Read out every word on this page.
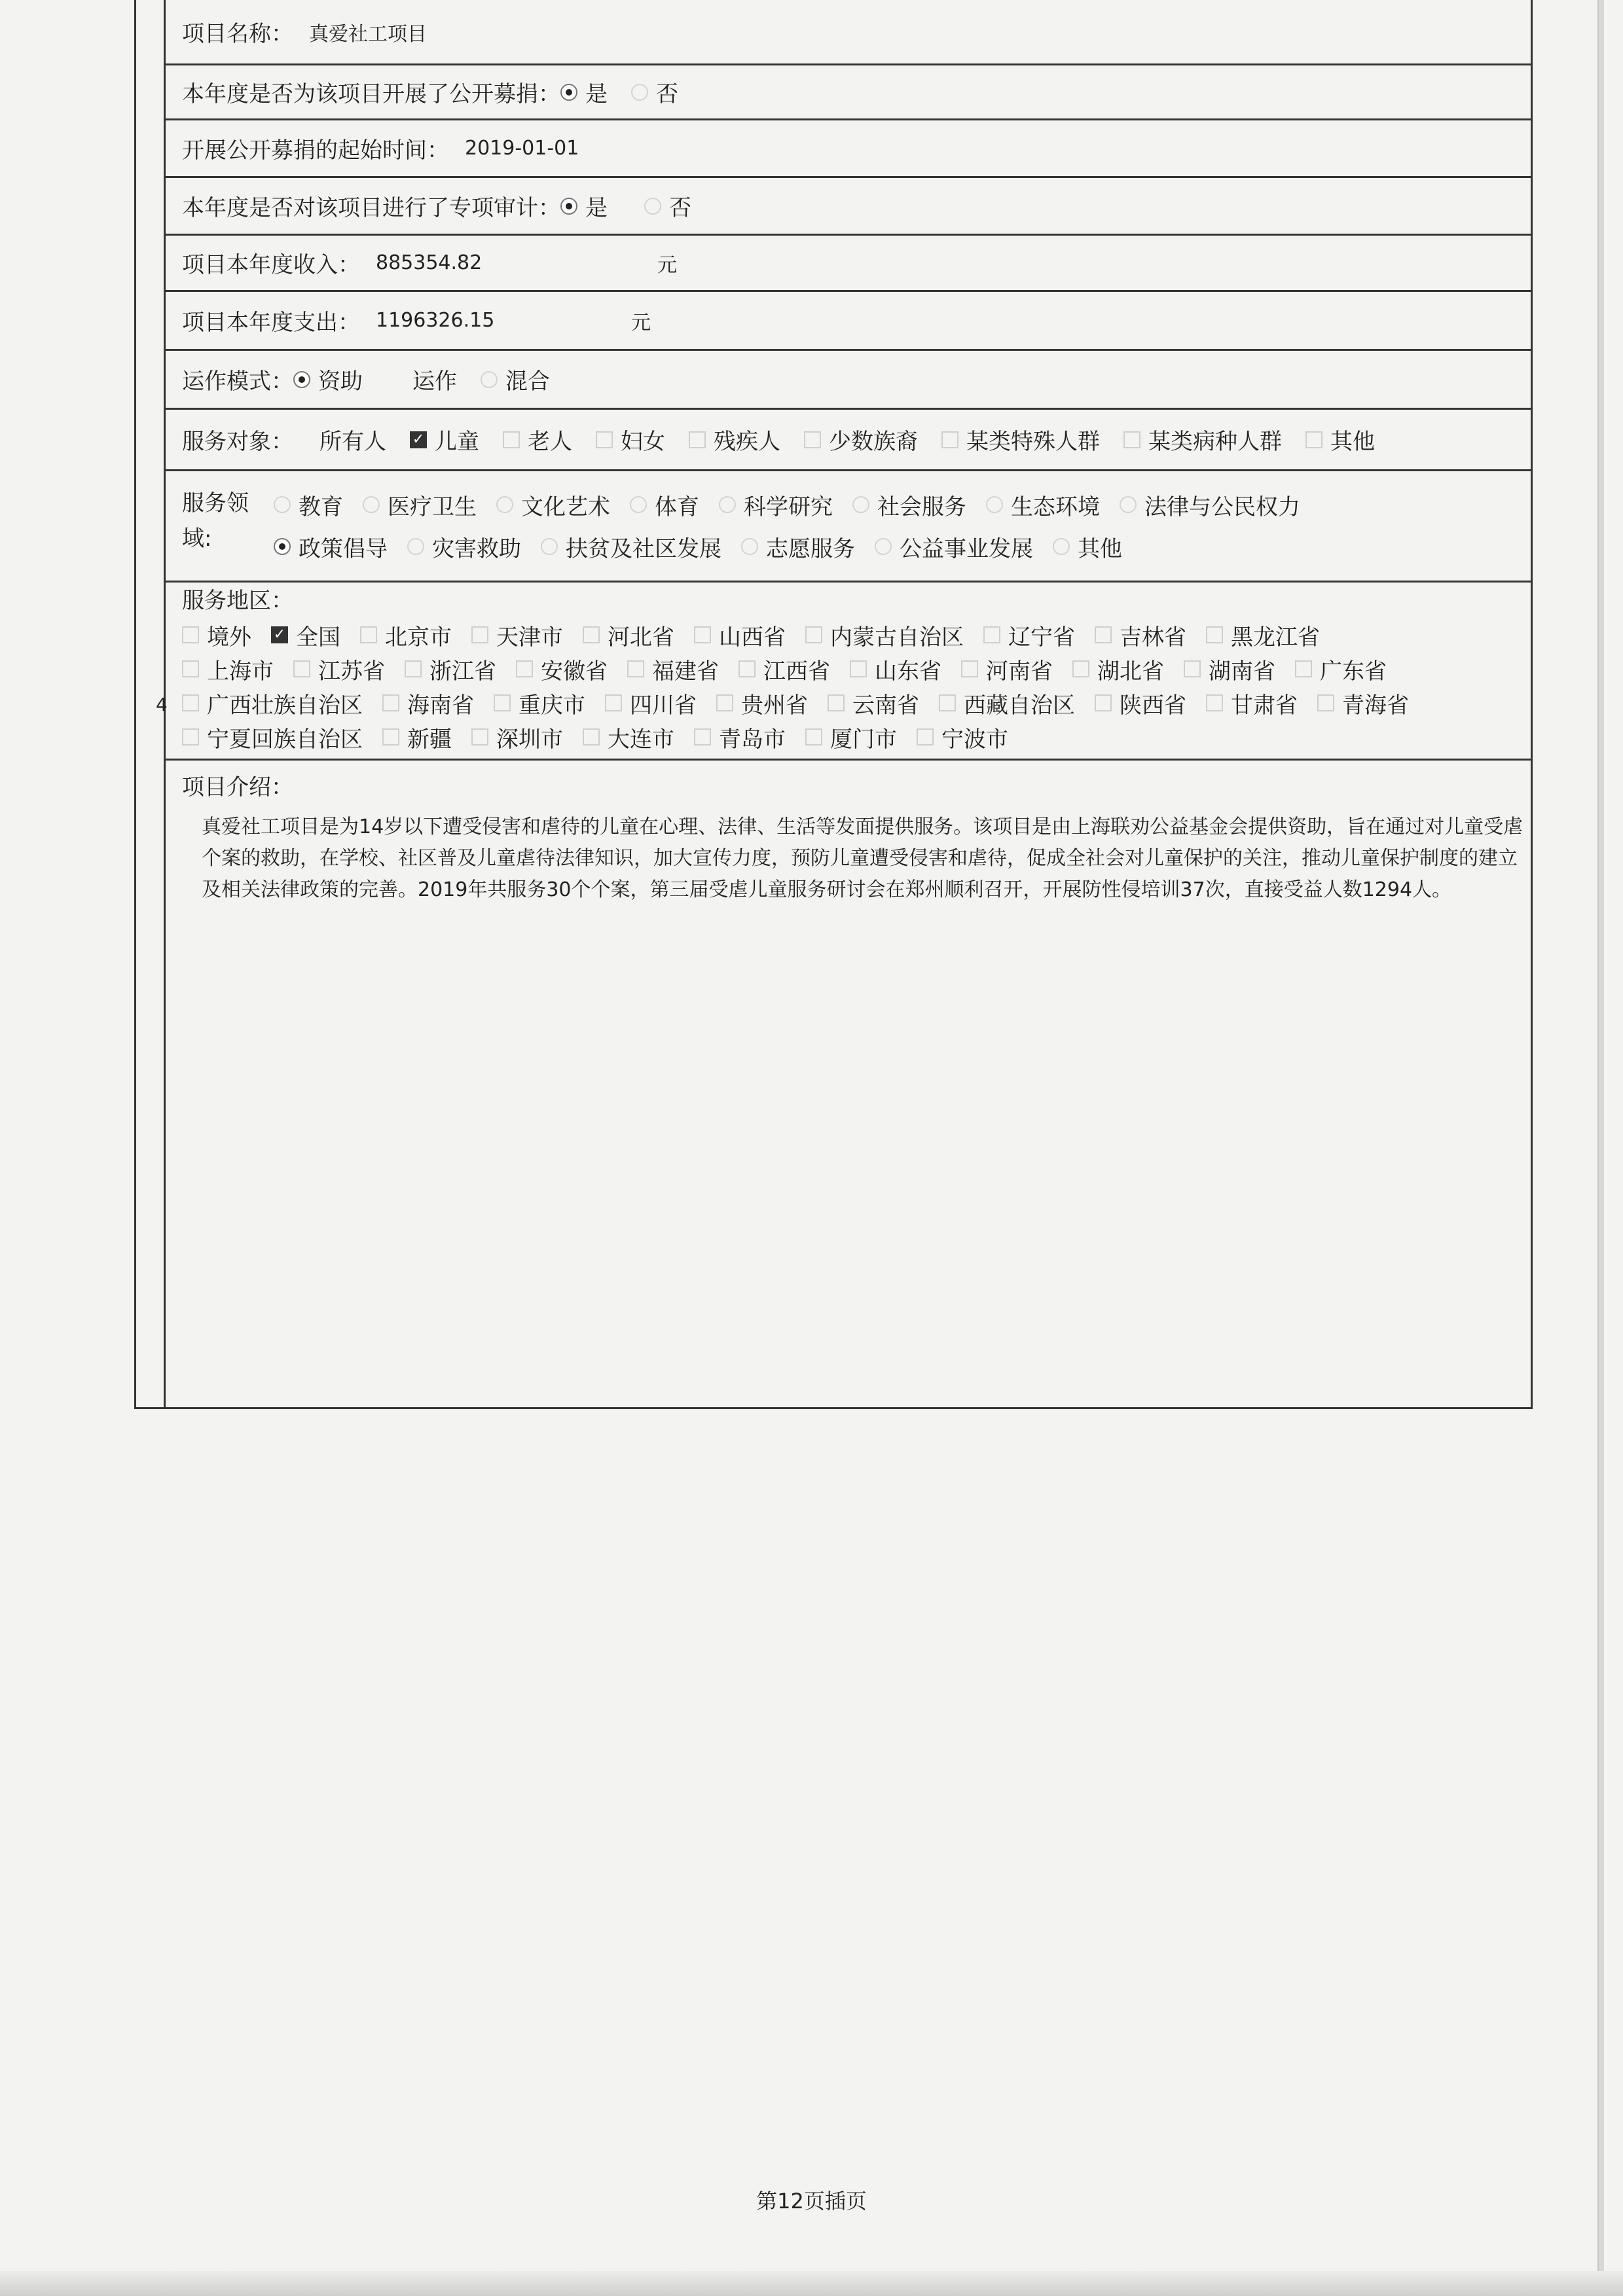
4
项目名称： 真爱社工项目
本年度是否为该项目开展了公开募捐： 是 否
开展公开募捐的起始时间： 2019-01-01
本年度是否对该项目进行了专项审计： 是	否
项目本年度收入： 885354.82	元
项目本年度支出： 1196326.15	元
运作模式： 资助 运作 混合
服务对象： 所有人 ✓ 儿童 老人 妇女 残疾人 少数族裔 某类特殊人群 某类病种人群 其他
服务领
域:
教育 医疗卫生 文化艺术 体育 科学研究 社会服务 生态环境 法律与公民权力
政策倡导 灾害救助 扶贫及社区发展 志愿服务 公益事业发展 其他
服务地区：
境外 ✓ 全国 北京市 天津市 河北省 山西省 内蒙古自治区 辽宁省 吉林省 黑龙江省
上海市 江苏省 浙江省 安徽省 福建省 江西省 山东省 河南省 湖北省 湖南省 广东省
广西壮族自治区 海南省 重庆市 四川省 贵州省 云南省 西藏自治区 陕西省 甘肃省 青海省
宁夏回族自治区 新疆 深圳市 大连市 青岛市 厦门市 宁波市
项目介绍：
真爱社工项目是为14岁以下遭受侵害和虐待的儿童在心理、法律、生活等发面提供服务。该项目是由上海联劝公益基金会提供资助，旨在通过对儿童受虐个案的救助，在学校、社区普及儿童虐待法律知识，加大宣传力度，预防儿童遭受侵害和虐待，促成全社会对儿童保护的关注，推动儿童保护制度的建立及相关法律政策的完善。2019年共服务30个个案，第三届受虐儿童服务研讨会在郑州顺利召开，开展防性侵培训37次，直接受益人数1294人。
第12页插页
